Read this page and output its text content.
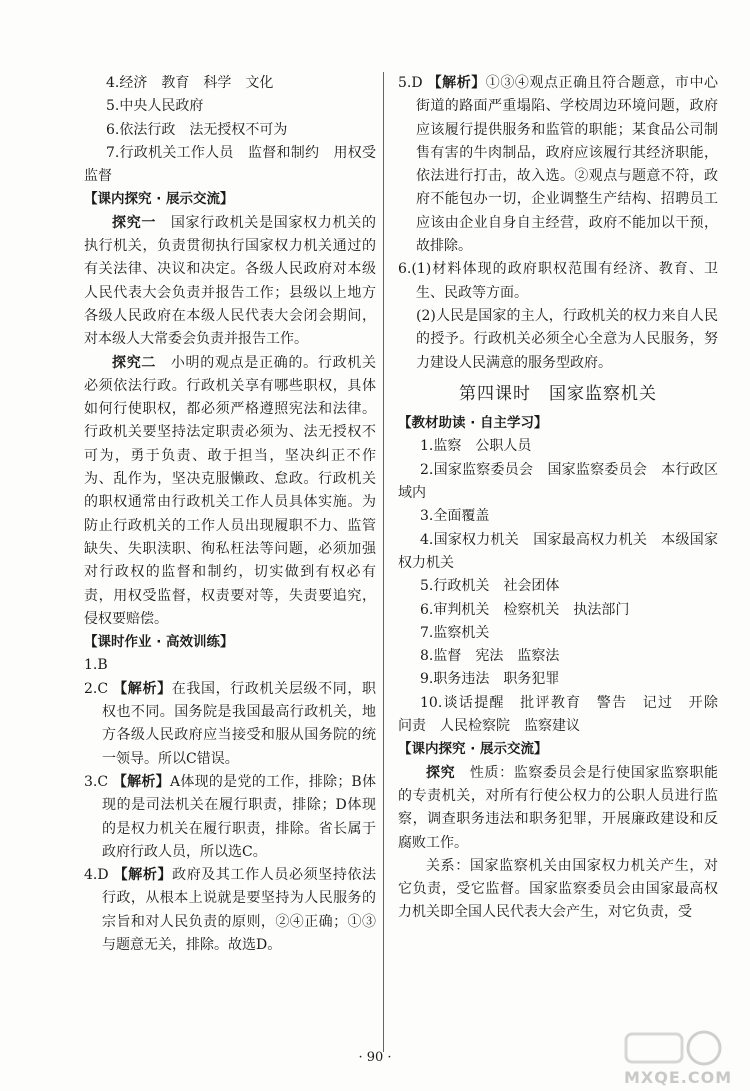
4.经济　教育　科学　文化

5.中央人民政府

6.依法行政　法无授权不可为

7.行政机关工作人员　监督和制约　用权受监督

【课内探究 · 展示交流】

探究一　国家行政机关是国家权力机关的执行机关，负责贯彻执行国家权力机关通过的有关法律、决议和决定。各级人民政府对本级人民代表大会负责并报告工作；县级以上地方各级人民政府在本级人民代表大会闭会期间，对本级人大常委会负责并报告工作。

探究二　小明的观点是正确的。行政机关必须依法行政。行政机关享有哪些职权，具体如何行使职权，都必须严格遵照宪法和法律。行政机关要坚持法定职责必须为、法无授权不可为，勇于负责、敢于担当，坚决纠正不作为、乱作为，坚决克服懒政、怠政。行政机关的职权通常由行政机关工作人员具体实施。为防止行政机关的工作人员出现履职不力、监管缺失、失职渎职、徇私枉法等问题，必须加强对行政权的监督和制约，切实做到有权必有责，用权受监督，权责要对等，失责要追究，侵权要赔偿。

【课时作业 · 高效训练】

1.B

2.C 【解析】在我国，行政机关层级不同，职权也不同。国务院是我国最高行政机关，地方各级人民政府应当接受和服从国务院的统一领导。所以C错误。

3.C 【解析】A体现的是党的工作，排除；B体现的是司法机关在履行职责，排除；D体现的是权力机关在履行职责，排除。省长属于政府行政人员，所以选C。

4.D 【解析】政府及其工作人员必须坚持依法行政，从根本上说就是要坚持为人民服务的宗旨和对人民负责的原则，②④正确；①③与题意无关，排除。故选D。

5.D 【解析】①③④观点正确且符合题意，市中心街道的路面严重塌陷、学校周边环境问题，政府应该履行提供服务和监管的职能；某食品公司制售有害的牛肉制品，政府应该履行其经济职能，依法进行打击，故入选。②观点与题意不符，政府不能包办一切，企业调整生产结构、招聘员工应该由企业自身自主经营，政府不能加以干预，故排除。

6.(1)材料体现的政府职权范围有经济、教育、卫生、民政等方面。

(2)人民是国家的主人，行政机关的权力来自人民的授予。行政机关必须全心全意为人民服务，努力建设人民满意的服务型政府。

第四课时　国家监察机关

【教材助读 · 自主学习】

1.监察　公职人员

2.国家监察委员会　国家监察委员会　本行政区域内

3.全面覆盖

4.国家权力机关　国家最高权力机关　本级国家权力机关

5.行政机关　社会团体

6.审判机关　检察机关　执法部门

7.监察机关

8.监督　宪法　监察法

9.职务违法　职务犯罪

10.谈话提醒　批评教育　警告　记过　开除　问责　人民检察院　监察建议

【课内探究 · 展示交流】

探究　性质：监察委员会是行使国家监察职能的专责机关，对所有行使公权力的公职人员进行监察，调查职务违法和职务犯罪，开展廉政建设和反腐败工作。

关系：国家监察机关由国家权力机关产生，对它负责，受它监督。国家监察委员会由国家最高权力机关即全国人民代表大会产生，对它负责，受

· 90 ·
MXQE.COM
